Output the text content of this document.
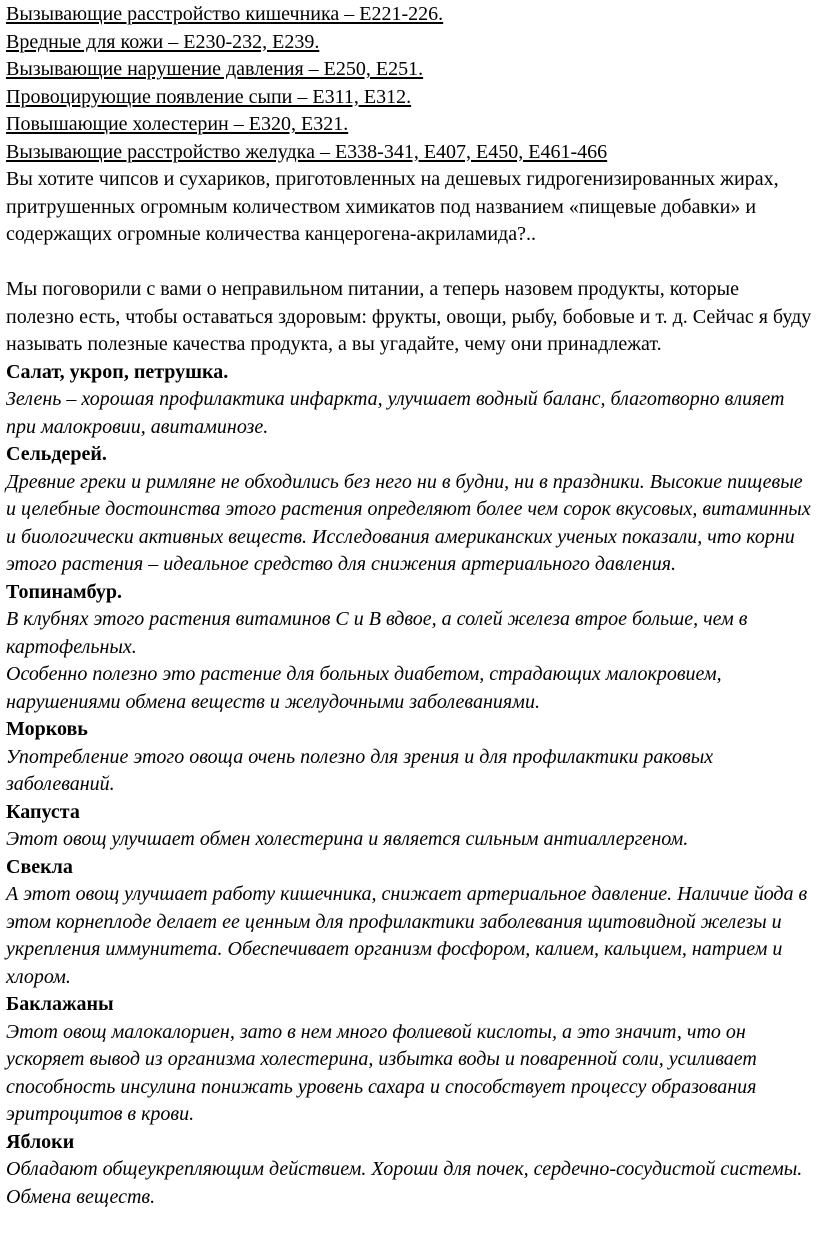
Вызывающие расстройство кишечника – Е221-226.

Вредные для кожи – Е230-232, Е239.

Вызывающие нарушение давления – Е250, Е251.

Провоцирующие появление сыпи – Е311, Е312.

Повышающие холестерин – Е320, Е321.

Вызывающие расстройство желудка – Е338-341, Е407, Е450, Е461-466

Вы хотите чипсов и сухариков, приготовленных на дешевых гидрогенизированных жирах, притрушенных огромным количеством химикатов под названием «пищевые добавки» и содержащих огромные количества канцерогена-акриламида?..

Мы поговорили с вами о неправильном питании, а теперь назовем продукты, которые полезно есть, чтобы оставаться здоровым: фрукты, овощи, рыбу, бобовые и т. д. Сейчас я буду называть полезные качества продукта, а вы угадайте, чему они принадлежат.

Салат, укроп, петрушка.

Зелень – хорошая профилактика инфаркта, улучшает водный баланс, благотворно влияет при малокровии, авитаминозе.

Сельдерей.

Древние греки и римляне не обходились без него ни в будни, ни в праздники. Высокие пищевые и целебные достоинства этого растения определяют более чем сорок вкусовых, витаминных и биологически активных веществ. Исследования американских ученых показали, что корни этого растения – идеальное средство для снижения артериального давления.

Топинамбур.

В клубнях этого растения витаминов С и В вдвое, а солей железа втрое больше, чем в картофельных.

Особенно полезно это растение для больных диабетом, страдающих малокровием, нарушениями обмена веществ и желудочными заболеваниями.

Морковь

Употребление этого овоща очень полезно для зрения и для профилактики раковых заболеваний.

Капуста

Этот овощ улучшает обмен холестерина и является сильным антиаллергеном.

Свекла

А этот овощ улучшает работу кишечника, снижает артериальное давление. Наличие йода в этом корнеплоде делает ее ценным для профилактики заболевания щитовидной железы и укрепления иммунитета. Обеспечивает организм фосфором, калием, кальцием, натрием и хлором.

Баклажаны

Этот овощ малокалориен, зато в нем много фолиевой кислоты, а это значит, что он ускоряет вывод из организма холестерина, избытка воды и поваренной соли, усиливает способность инсулина понижать уровень сахара и способствует процессу образования эритроцитов в крови.

Яблоки

Обладают общеукрепляющим действием. Хороши для почек, сердечно-сосудистой системы. Обмена веществ.
